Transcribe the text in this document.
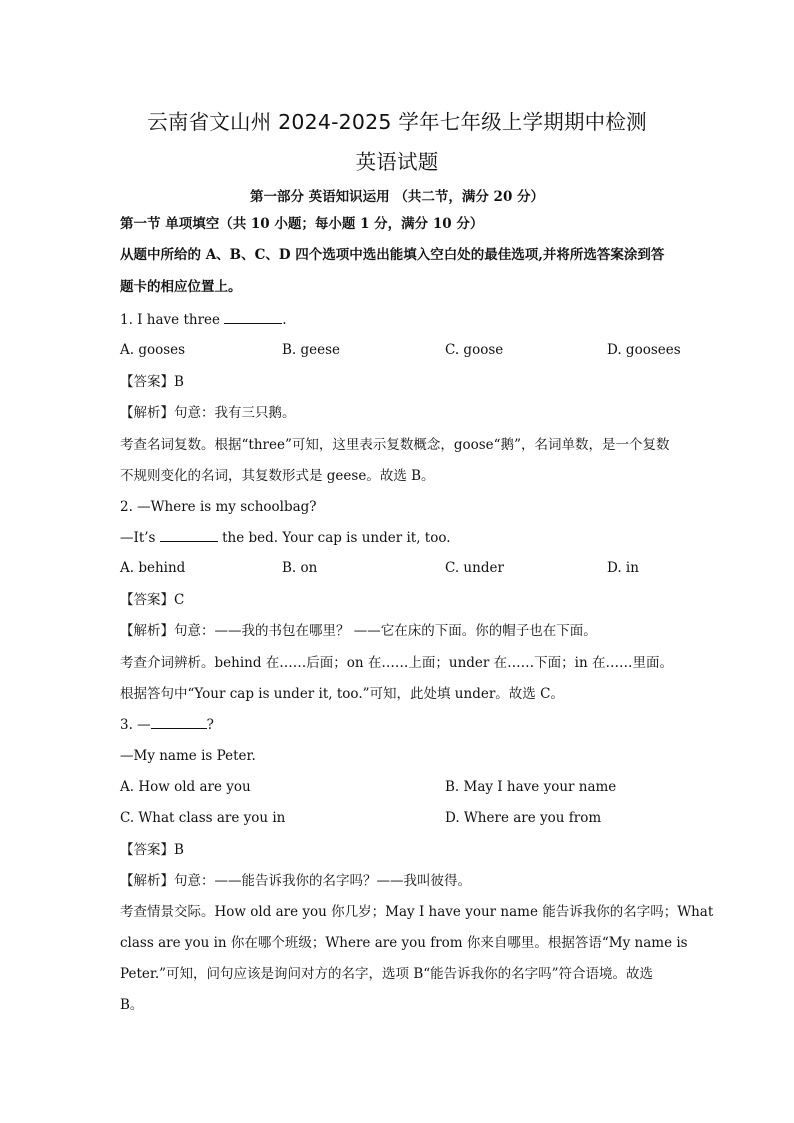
云南省文山州 2024-2025 学年七年级上学期期中检测
英语试题
第一部分 英语知识运用 （共二节，满分 20 分）
第一节 单项填空（共 10 小题；每小题 1 分，满分 10 分）
从题中所给的 A、B、C、D 四个选项中选出能填入空白处的最佳选项,并将所选答案涂到答
题卡的相应位置上。
1. I have three	.
A. gooses	B. geese	C. goose	D. goosees
【答案】B
【解析】句意：我有三只鹅。
考查名词复数。根据“three”可知，这里表示复数概念，goose“鹅”，名词单数，是一个复数
不规则变化的名词，其复数形式是 geese。故选 B。
2. —Where is my schoolbag?
—It’s	the bed. Your cap is under it, too.
A. behind	B. on	C. under	D. in
【答案】C
【解析】句意：——我的书包在哪里？ ——它在床的下面。你的帽子也在下面。
考查介词辨析。behind 在……后面；on 在……上面；under 在……下面；in 在……里面。
根据答句中“Your cap is under it, too.”可知，此处填 under。故选 C。
3. —	?
—My name is Peter.
A. How old are you	B. May I have your name
C. What class are you in	D. Where are you from
【答案】B
【解析】句意：——能告诉我你的名字吗？——我叫彼得。
考查情景交际。How old are you 你几岁；May I have your name 能告诉我你的名字吗；What
class are you in 你在哪个班级；Where are you from 你来自哪里。根据答语“My name is
Peter.”可知，问句应该是询问对方的名字，选项 B“能告诉我你的名字吗”符合语境。故选
B。
